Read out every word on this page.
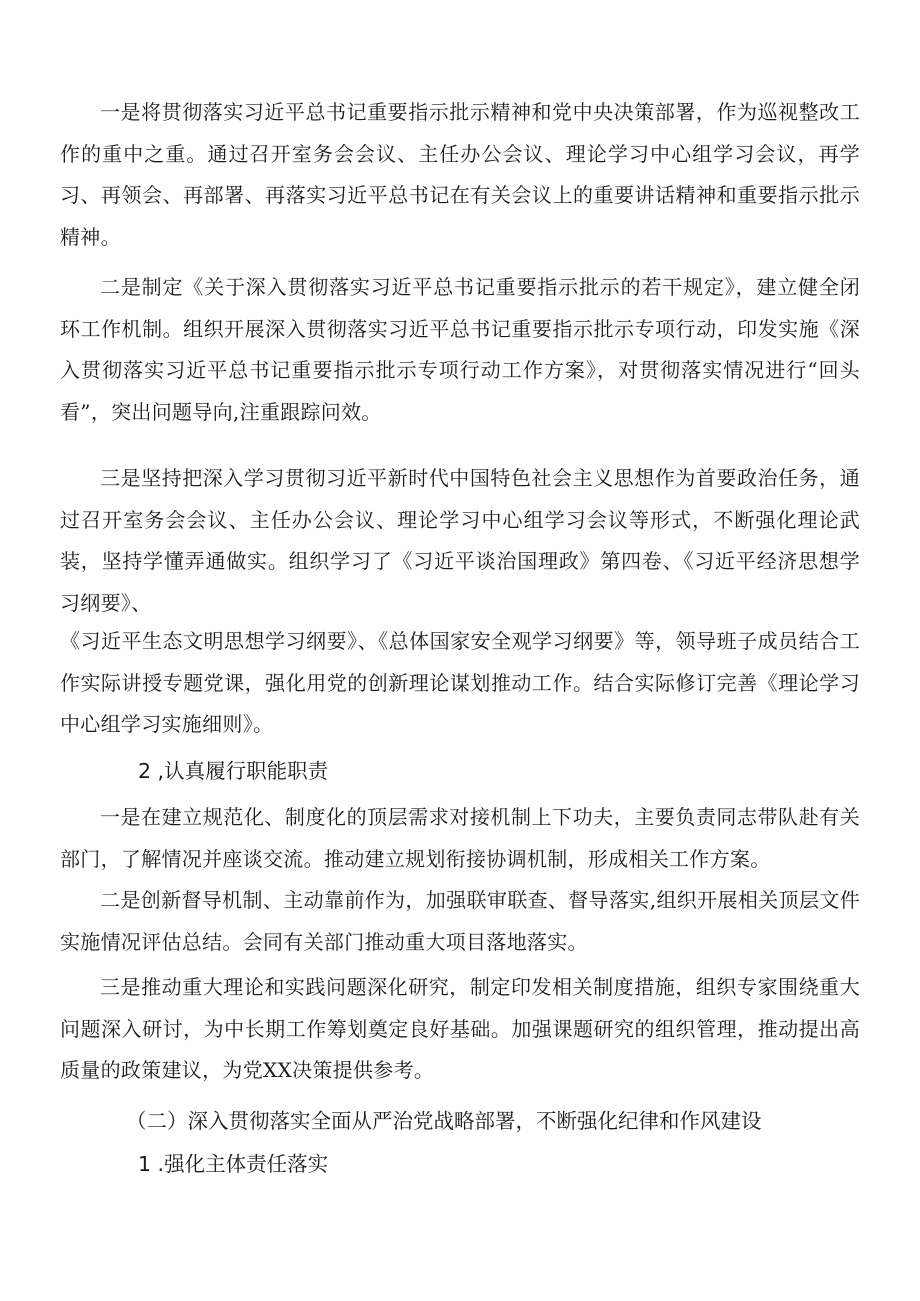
一是将贯彻落实习近平总书记重要指示批示精神和党中央决策部署，作为巡视整改工作的重中之重。通过召开室务会会议、主任办公会议、理论学习中心组学习会议，再学习、再领会、再部署、再落实习近平总书记在有关会议上的重要讲话精神和重要指示批示精神。

二是制定《关于深入贯彻落实习近平总书记重要指示批示的若干规定》，建立健全闭环工作机制。组织开展深入贯彻落实习近平总书记重要指示批示专项行动，印发实施《深入贯彻落实习近平总书记重要指示批示专项行动工作方案》，对贯彻落实情况进行“回头看”，突出问题导向,注重跟踪问效。

三是坚持把深入学习贯彻习近平新时代中国特色社会主义思想作为首要政治任务，通过召开室务会会议、主任办公会议、理论学习中心组学习会议等形式，不断强化理论武装，坚持学懂弄通做实。组织学习了《习近平谈治国理政》第四卷、《习近平经济思想学习纲要》、

《习近平生态文明思想学习纲要》、《总体国家安全观学习纲要》等，领导班子成员结合工作实际讲授专题党课，强化用党的创新理论谋划推动工作。结合实际修订完善《理论学习中心组学习实施细则》。

2 ,认真履行职能职责

一是在建立规范化、制度化的顶层需求对接机制上下功夫，主要负责同志带队赴有关部门，了解情况并座谈交流。推动建立规划衔接协调机制，形成相关工作方案。

二是创新督导机制、主动靠前作为，加强联审联查、督导落实,组织开展相关顶层文件实施情况评估总结。会同有关部门推动重大项目落地落实。

三是推动重大理论和实践问题深化研究，制定印发相关制度措施，组织专家围绕重大问题深入研讨，为中长期工作筹划奠定良好基础。加强课题研究的组织管理，推动提出高质量的政策建议，为党XX决策提供参考。

（二）深入贯彻落实全面从严治党战略部署，不断强化纪律和作风建设
1 .强化主体责任落实
